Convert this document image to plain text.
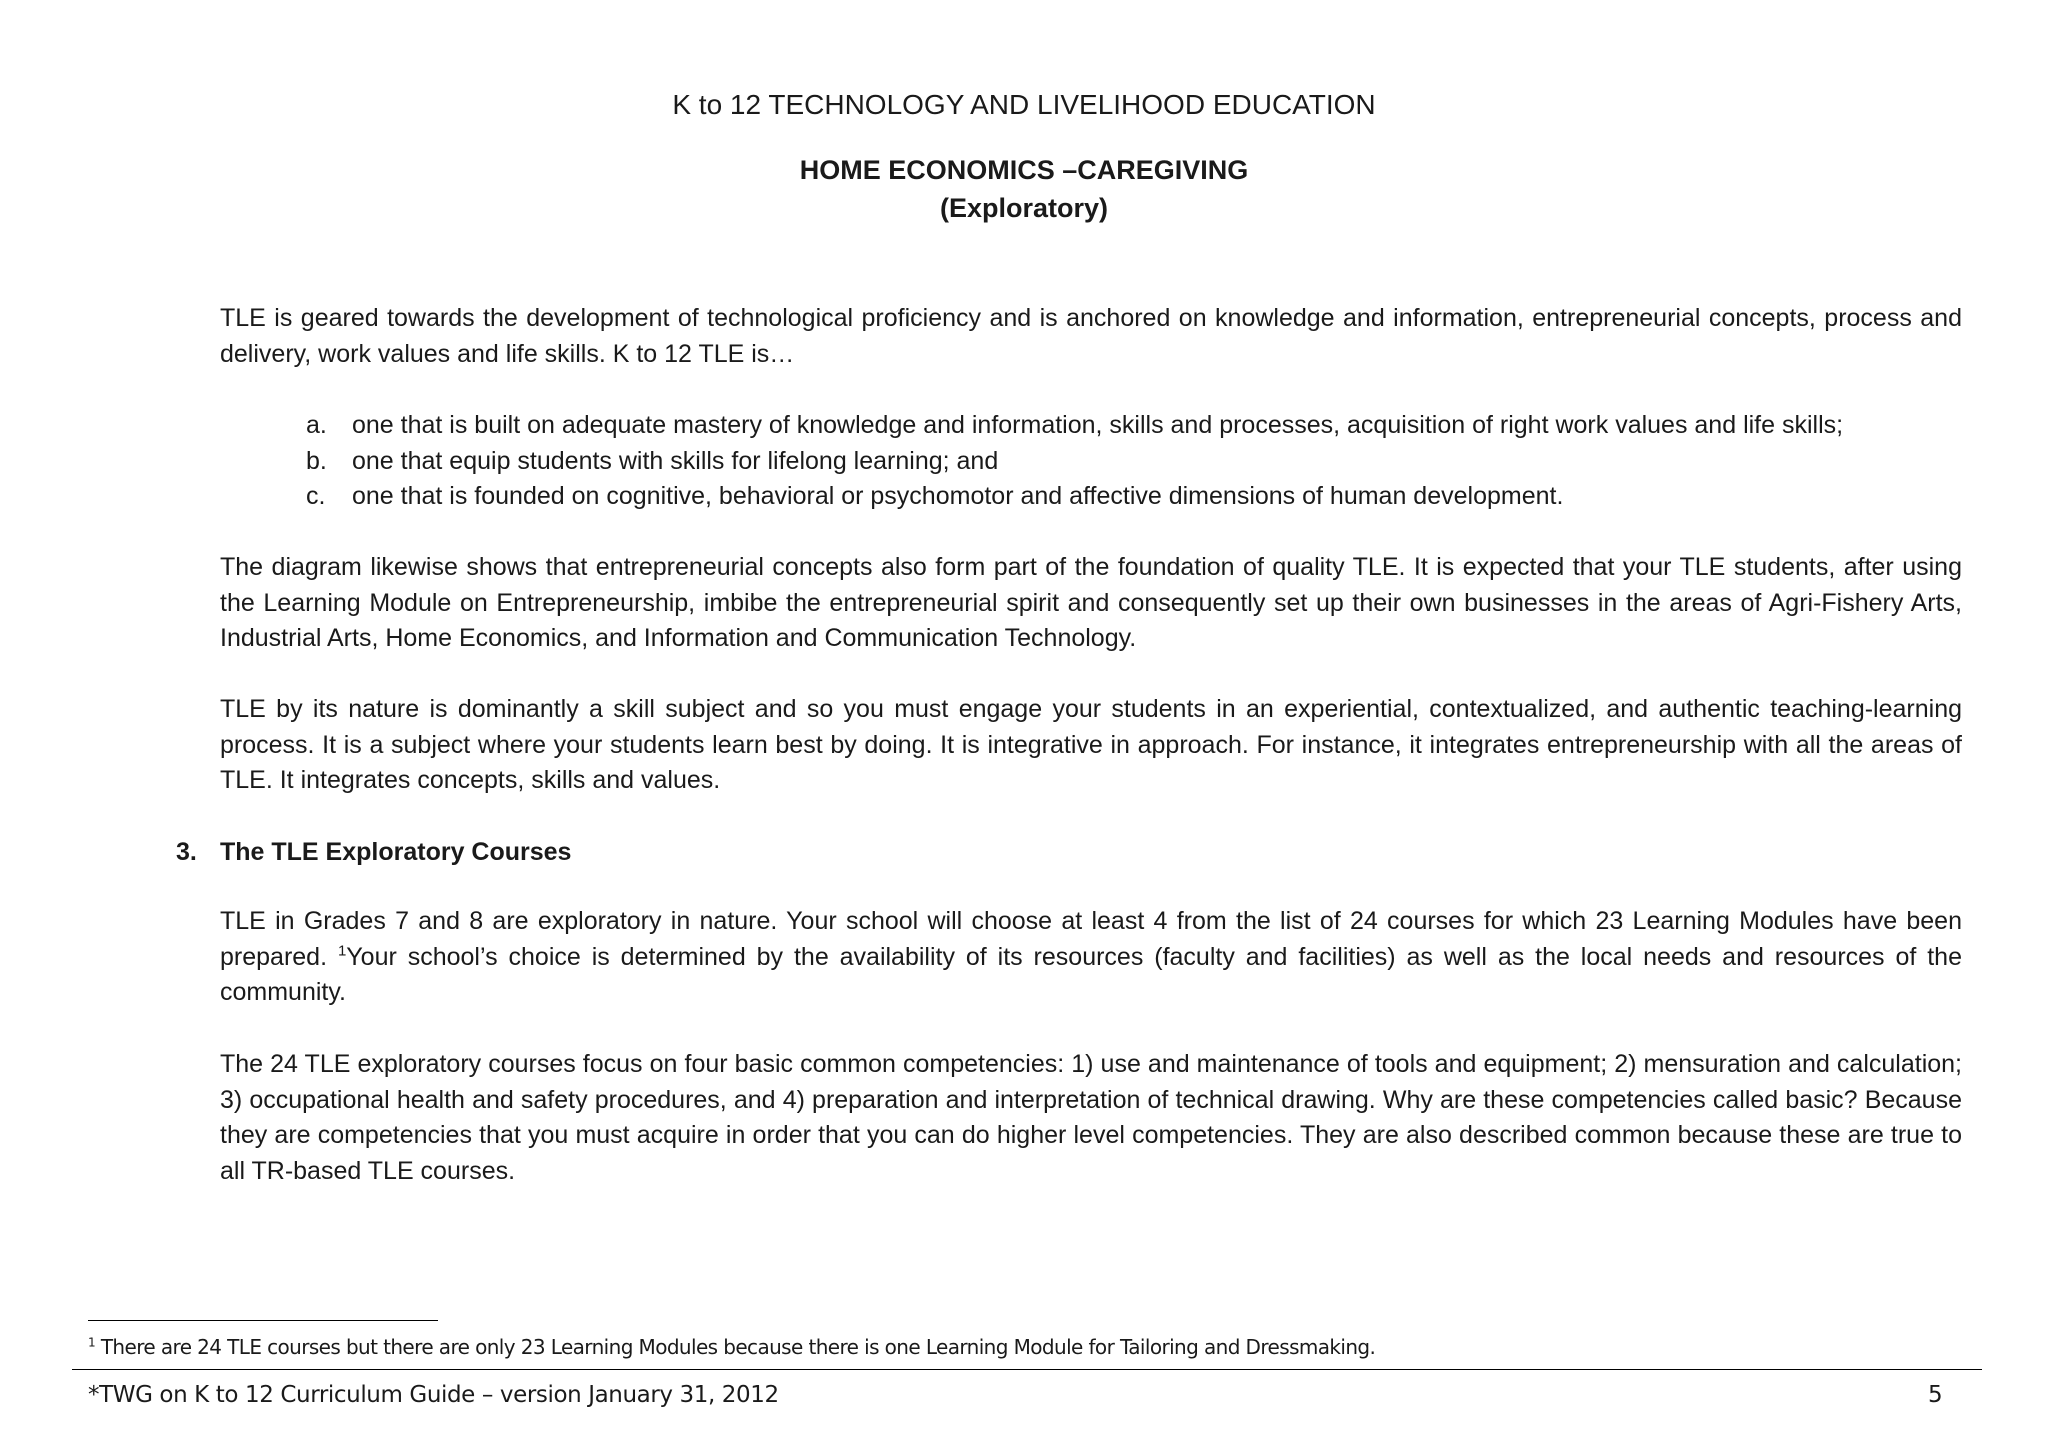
K to 12 TECHNOLOGY AND LIVELIHOOD EDUCATION
HOME ECONOMICS –CAREGIVING
(Exploratory)

TLE is geared towards the development of technological proficiency and is anchored on knowledge and information, entrepreneurial concepts, process and delivery, work values and life skills. K to 12 TLE is…

a. one that is built on adequate mastery of knowledge and information, skills and processes, acquisition of right work values and life skills;
b. one that equip students with skills for lifelong learning; and
c. one that is founded on cognitive, behavioral or psychomotor and affective dimensions of human development.

The diagram likewise shows that entrepreneurial concepts also form part of the foundation of quality TLE. It is expected that your TLE students, after using the Learning Module on Entrepreneurship, imbibe the entrepreneurial spirit and consequently set up their own businesses in the areas of Agri-Fishery Arts, Industrial Arts, Home Economics, and Information and Communication Technology.

TLE by its nature is dominantly a skill subject and so you must engage your students in an experiential, contextualized, and authentic teaching-learning process. It is a subject where your students learn best by doing. It is integrative in approach. For instance, it integrates entrepreneurship with all the areas of TLE. It integrates concepts, skills and values.

3. The TLE Exploratory Courses

TLE in Grades 7 and 8 are exploratory in nature. Your school will choose at least 4 from the list of 24 courses for which 23 Learning Modules have been prepared. $^1$Your school’s choice is determined by the availability of its resources (faculty and facilities) as well as the local needs and resources of the community.

The 24 TLE exploratory courses focus on four basic common competencies: 1) use and maintenance of tools and equipment; 2) mensuration and calculation; 3) occupational health and safety procedures, and 4) preparation and interpretation of technical drawing. Why are these competencies called basic? Because they are competencies that you must acquire in order that you can do higher level competencies. They are also described common because these are true to all TR-based TLE courses.

$^1$ There are 24 TLE courses but there are only 23 Learning Modules because there is one Learning Module for Tailoring and Dressmaking.
*TWG on K to 12 Curriculum Guide – version January 31, 2012	5
